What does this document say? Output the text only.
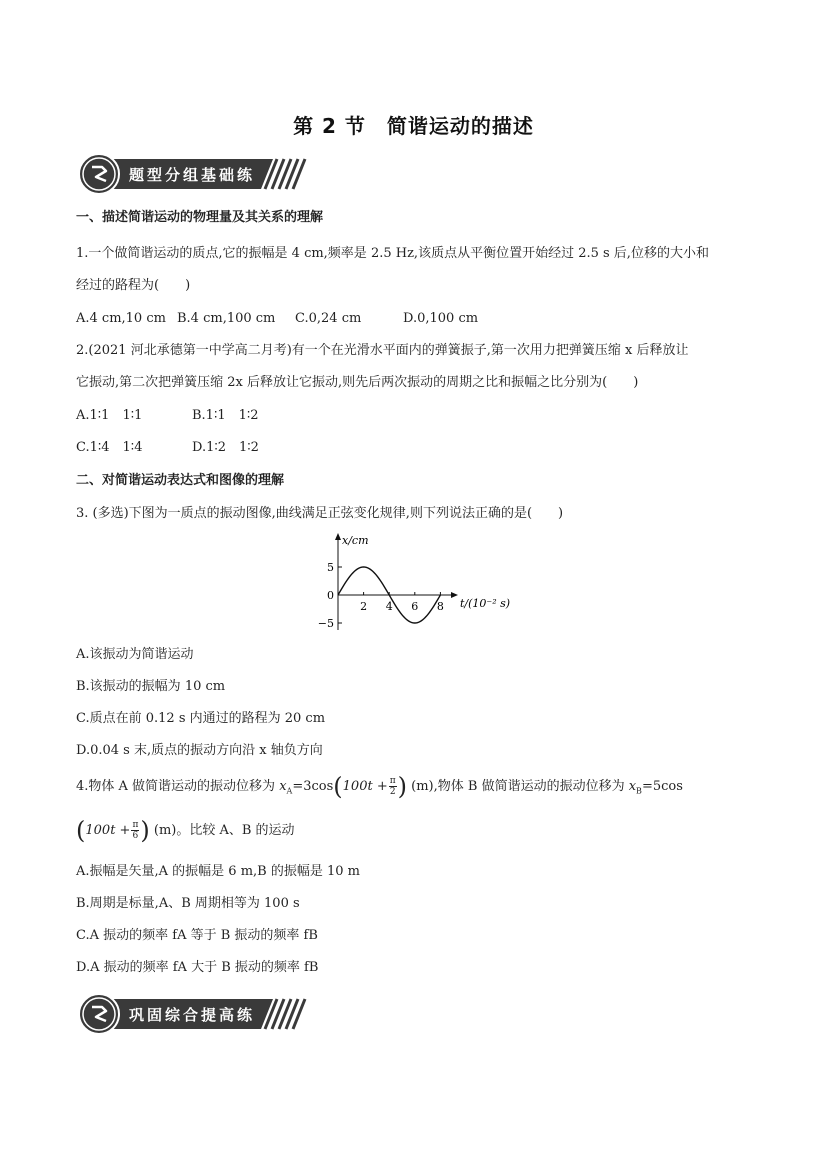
第 2 节　简谐运动的描述
题型分组基础练
一、描述简谐运动的物理量及其关系的理解
1.一个做简谐运动的质点,它的振幅是 4 cm,频率是 2.5 Hz,该质点从平衡位置开始经过 2.5 s 后,位移的大小和
经过的路程为(　　)
A.4 cm,10 cm B.4 cm,100 cm C.0,24 cm	D.0,100 cm
2.(2021 河北承德第一中学高二月考)有一个在光滑水平面内的弹簧振子,第一次用力把弹簧压缩 x 后释放让
它振动,第二次把弹簧压缩 2x 后释放让它振动,则先后两次振动的周期之比和振幅之比分别为(　　)
A.1∶1　1∶1	B.1∶1　1∶2
C.1∶4　1∶4	D.1∶2　1∶2
二、对简谐运动表达式和图像的理解
3. (多选)下图为一质点的振动图像,曲线满足正弦变化规律,则下列说法正确的是(　　)
x/cm
t/(10⁻² s)
5
0
−5
2 4 6 8
A.该振动为简谐运动
B.该振动的振幅为 10 cm
C.质点在前 0.12 s 内通过的路程为 20 cm
D.0.04 s 末,质点的振动方向沿 x 轴负方向
4.物体 A 做简谐运动的振动位移为 $x_A=3\cos(100t + \frac{\pi}{2}$ ) (m),物体 B 做简谐运动的振动位移为 $x_B=5\cos$
($100t + \frac{\pi}{6}$ ) (m)。比较 A、B 的运动
A.振幅是矢量,A 的振幅是 6 m,B 的振幅是 10 m
B.周期是标量,A、B 周期相等为 100 s
C.A 振动的频率 fA 等于 B 振动的频率 fB
D.A 振动的频率 fA 大于 B 振动的频率 fB
巩固综合提高练
